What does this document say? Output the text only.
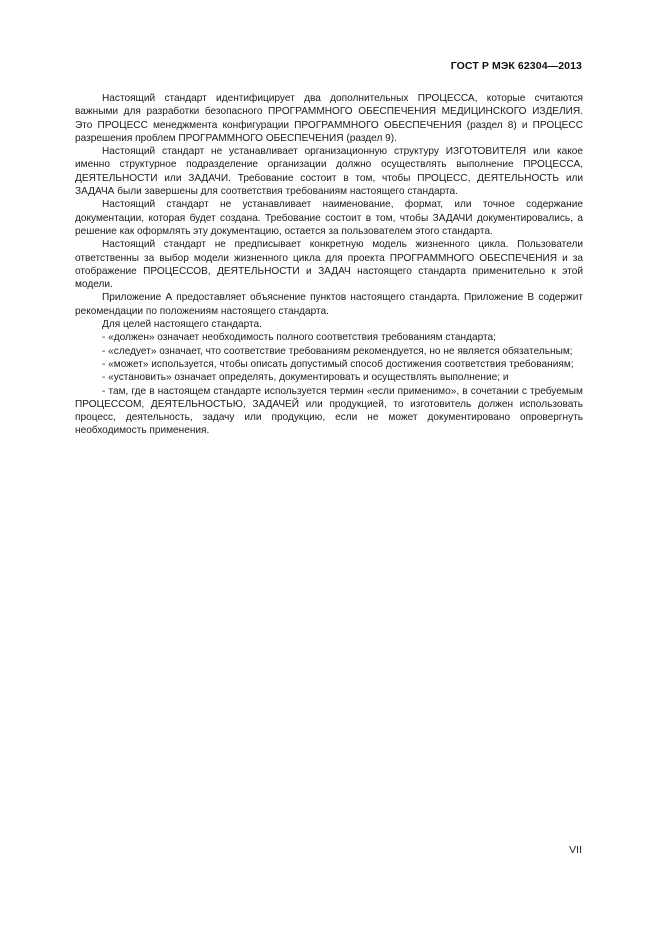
ГОСТ Р МЭК 62304—2013

Настоящий стандарт идентифицирует два дополнительных ПРОЦЕССА, которые считаются важными для разработки безопасного ПРОГРАММНОГО ОБЕСПЕЧЕНИЯ МЕДИЦИНСКОГО ИЗДЕЛИЯ. Это ПРОЦЕСС менеджмента конфигурации ПРОГРАММНОГО ОБЕСПЕЧЕНИЯ (раздел 8) и ПРОЦЕСС разрешения проблем ПРОГРАММНОГО ОБЕСПЕЧЕНИЯ (раздел 9).

Настоящий стандарт не устанавливает организационную структуру ИЗГОТОВИТЕЛЯ или какое именно структурное подразделение организации должно осуществлять выполнение ПРОЦЕССА, ДЕЯТЕЛЬНОСТИ или ЗАДАЧИ. Требование состоит в том, чтобы ПРОЦЕСС, ДЕЯТЕЛЬНОСТЬ или ЗАДАЧА были завершены для соответствия требованиям настоящего стандарта.

Настоящий стандарт не устанавливает наименование, формат, или точное содержание документации, которая будет создана. Требование состоит в том, чтобы ЗАДАЧИ документировались, а решение как оформлять эту документацию, остается за пользователем этого стандарта.

Настоящий стандарт не предписывает конкретную модель жизненного цикла. Пользователи ответственны за выбор модели жизненного цикла для проекта ПРОГРАММНОГО ОБЕСПЕЧЕНИЯ и за отображение ПРОЦЕССОВ, ДЕЯТЕЛЬНОСТИ и ЗАДАЧ настоящего стандарта применительно к этой модели.

Приложение А предоставляет объяснение пунктов настоящего стандарта. Приложение В содержит рекомендации по положениям настоящего стандарта.

Для целей настоящего стандарта.

- «должен» означает необходимость полного соответствия требованиям стандарта;

- «следует» означает, что соответствие требованиям рекомендуется, но не является обязательным;

- «может» используется, чтобы описать допустимый способ достижения соответствия требованиям;

- «установить» означает определять, документировать и осуществлять выполнение; и

- там, где в настоящем стандарте используется термин «если применимо», в сочетании с требуемым ПРОЦЕССОМ, ДЕЯТЕЛЬНОСТЬЮ, ЗАДАЧЕЙ или продукцией, то изготовитель должен использовать процесс, деятельность, задачу или продукцию, если не может документировано опровергнуть необходимость применения.

VII
